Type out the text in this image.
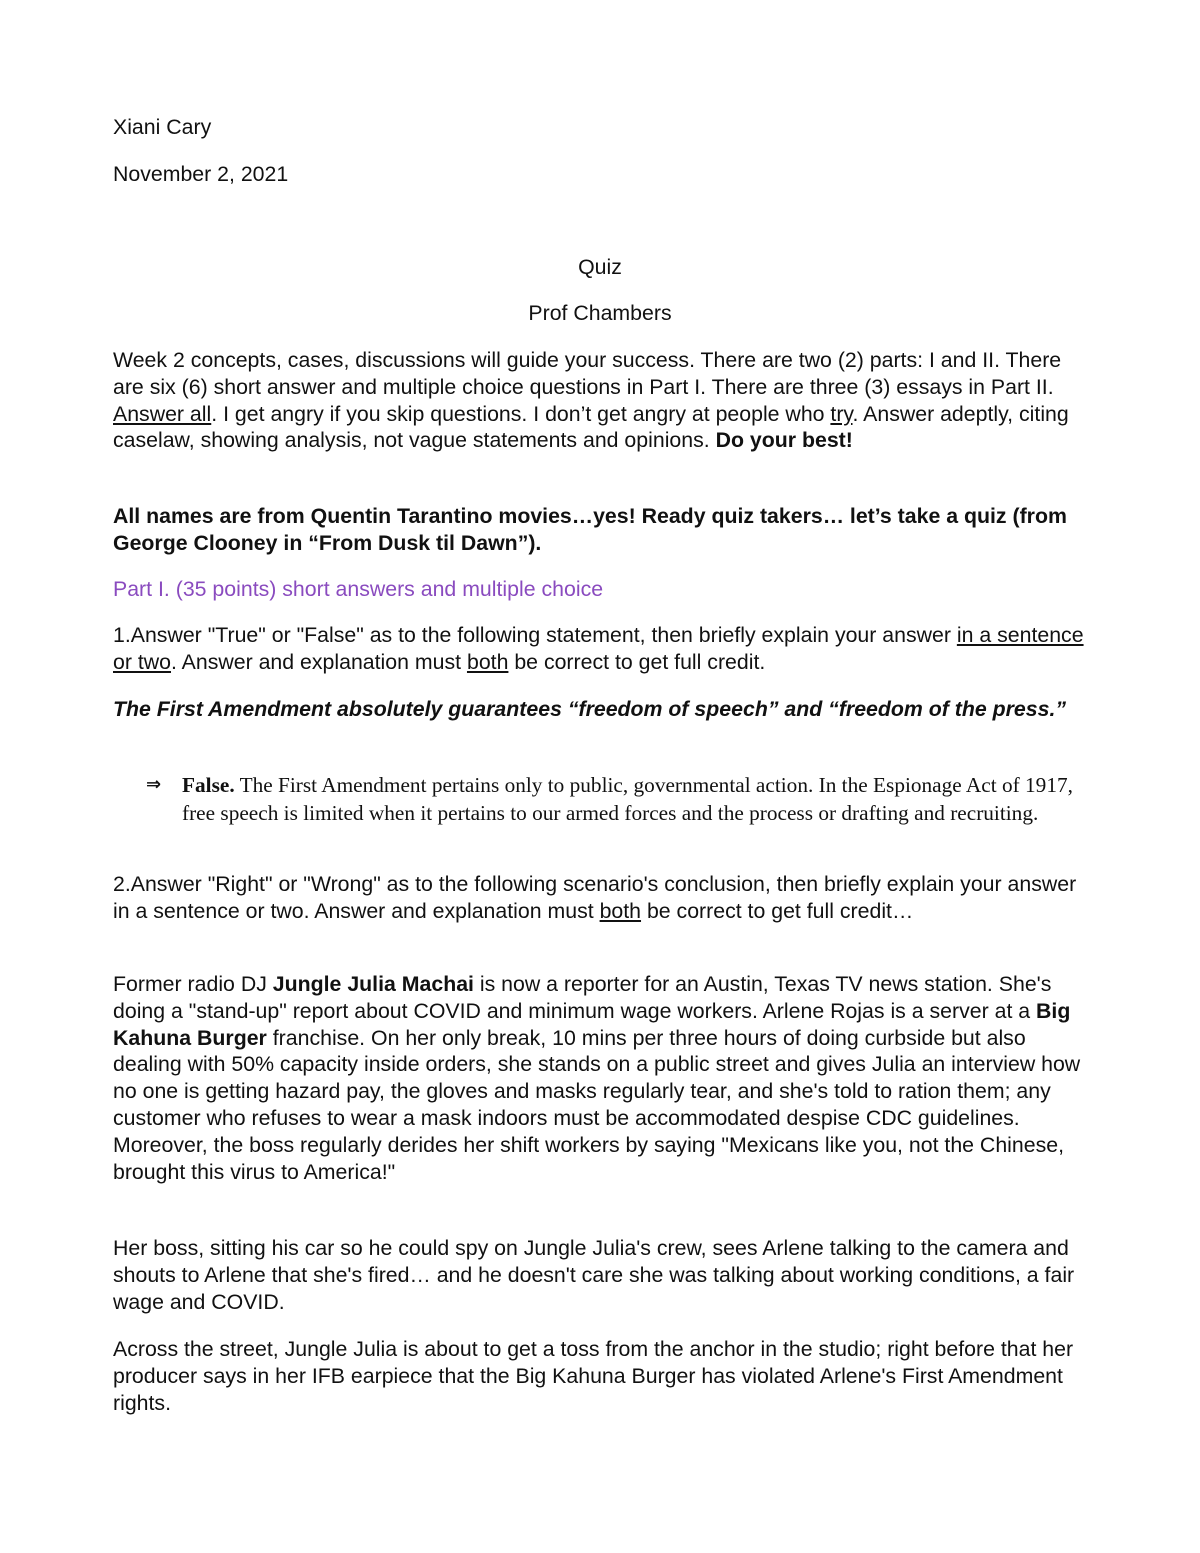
Xiani Cary

November 2, 2021

Quiz

Prof Chambers

Week 2 concepts, cases, discussions will guide your success. There are two (2) parts: I and II. There are six (6) short answer and multiple choice questions in Part I. There are three (3) essays in Part II. Answer all. I get angry if you skip questions. I don’t get angry at people who try. Answer adeptly, citing caselaw, showing analysis, not vague statements and opinions. Do your best!

All names are from Quentin Tarantino movies…yes! Ready quiz takers… let’s take a quiz (from George Clooney in “From Dusk til Dawn”).

Part I. (35 points) short answers and multiple choice

1.Answer "True" or "False" as to the following statement, then briefly explain your answer in a sentence or two. Answer and explanation must both be correct to get full credit.

The First Amendment absolutely guarantees “freedom of speech” and “freedom of the press.”

⇒ False. The First Amendment pertains only to public, governmental action. In the Espionage Act of 1917, free speech is limited when it pertains to our armed forces and the process or drafting and recruiting.

2.Answer "Right" or "Wrong" as to the following scenario's conclusion, then briefly explain your answer in a sentence or two. Answer and explanation must both be correct to get full credit…

Former radio DJ Jungle Julia Machai is now a reporter for an Austin, Texas TV news station. She's doing a "stand-up" report about COVID and minimum wage workers. Arlene Rojas is a server at a Big Kahuna Burger franchise. On her only break, 10 mins per three hours of doing curbside but also dealing with 50% capacity inside orders, she stands on a public street and gives Julia an interview how no one is getting hazard pay, the gloves and masks regularly tear, and she's told to ration them; any customer who refuses to wear a mask indoors must be accommodated despise CDC guidelines. Moreover, the boss regularly derides her shift workers by saying "Mexicans like you, not the Chinese, brought this virus to America!"

Her boss, sitting his car so he could spy on Jungle Julia's crew, sees Arlene talking to the camera and shouts to Arlene that she's fired… and he doesn't care she was talking about working conditions, a fair wage and COVID.

Across the street, Jungle Julia is about to get a toss from the anchor in the studio; right before that her producer says in her IFB earpiece that the Big Kahuna Burger has violated Arlene's First Amendment rights.
